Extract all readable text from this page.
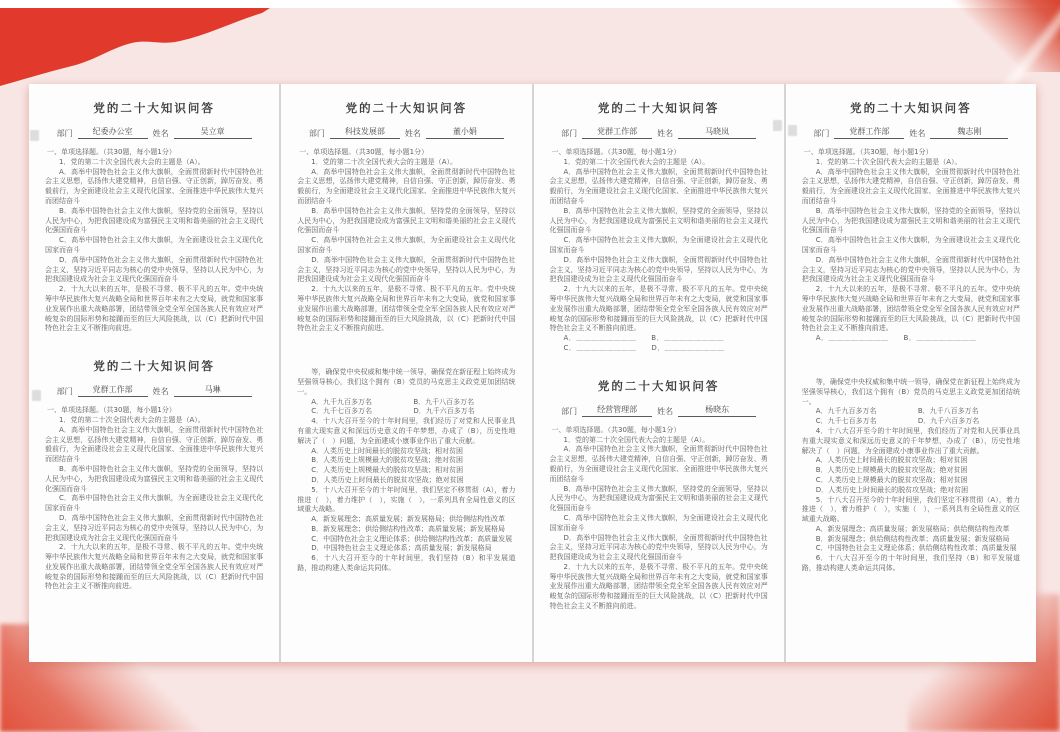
党的二十大知识问答
部门	纪委办公室	姓名	吴立章

一、单项选择题。（共30题，每小题1分）

1．党的第二十次全国代表大会的主题是（A）。

A．高举中国特色社会主义伟大旗帜，全面贯彻新时代中国特色社会主义思想，弘扬伟大建党精神，自信自强、守正创新，踔厉奋发、勇毅前行，为全面建设社会主义现代化国家、全面推进中华民族伟大复兴而团结奋斗

B．高举中国特色社会主义伟大旗帜，坚持党的全面领导，坚持以人民为中心，为把我国建设成为富强民主文明和谐美丽的社会主义现代化强国而奋斗

C．高举中国特色社会主义伟大旗帜，为全面建设社会主义现代化国家而奋斗

D．高举中国特色社会主义伟大旗帜，全面贯彻新时代中国特色社会主义，坚持习近平同志为核心的党中央领导，坚持以人民为中心，为把我国建设成为社会主义现代化强国而奋斗

2．十九大以来的五年，是极不寻常、极不平凡的五年。党中央统筹中华民族伟大复兴战略全局和世界百年未有之大变局，就党和国家事业发展作出重大战略部署，团结带领全党全军全国各族人民有效应对严峻复杂的国际形势和接踵而至的巨大风险挑战，以（C）把新时代中国特色社会主义不断推向前进。

党的二十大知识问答
部门	党群工作部	姓名	马琳

一、单项选择题。（共30题，每小题1分）

1．党的第二十次全国代表大会的主题是（A）。

A．高举中国特色社会主义伟大旗帜，全面贯彻新时代中国特色社会主义思想，弘扬伟大建党精神，自信自强、守正创新，踔厉奋发、勇毅前行，为全面建设社会主义现代化国家、全面推进中华民族伟大复兴而团结奋斗

B．高举中国特色社会主义伟大旗帜，坚持党的全面领导，坚持以人民为中心，为把我国建设成为富强民主文明和谐美丽的社会主义现代化强国而奋斗

C．高举中国特色社会主义伟大旗帜，为全面建设社会主义现代化国家而奋斗

D．高举中国特色社会主义伟大旗帜，全面贯彻新时代中国特色社会主义，坚持习近平同志为核心的党中央领导，坚持以人民为中心，为把我国建设成为社会主义现代化强国而奋斗

2．十九大以来的五年，是极不寻常、极不平凡的五年。党中央统筹中华民族伟大复兴战略全局和世界百年未有之大变局，就党和国家事业发展作出重大战略部署，团结带领全党全军全国各族人民有效应对严峻复杂的国际形势和接踵而至的巨大风险挑战，以（C）把新时代中国特色社会主义不断推向前进。

党的二十大知识问答
部门	科技发展部	姓名	董小娟

一、单项选择题。（共30题，每小题1分）

1．党的第二十次全国代表大会的主题是（A）。

A．高举中国特色社会主义伟大旗帜，全面贯彻新时代中国特色社会主义思想，弘扬伟大建党精神，自信自强、守正创新，踔厉奋发、勇毅前行，为全面建设社会主义现代化国家、全面推进中华民族伟大复兴而团结奋斗

B．高举中国特色社会主义伟大旗帜，坚持党的全面领导，坚持以人民为中心，为把我国建设成为富强民主文明和谐美丽的社会主义现代化强国而奋斗

C．高举中国特色社会主义伟大旗帜，为全面建设社会主义现代化国家而奋斗

D．高举中国特色社会主义伟大旗帜，全面贯彻新时代中国特色社会主义，坚持习近平同志为核心的党中央领导，坚持以人民为中心，为把我国建设成为社会主义现代化强国而奋斗

2．十九大以来的五年，是极不寻常、极不平凡的五年。党中央统筹中华民族伟大复兴战略全局和世界百年未有之大变局，就党和国家事业发展作出重大战略部署，团结带领全党全军全国各族人民有效应对严峻复杂的国际形势和接踵而至的巨大风险挑战，以（C）把新时代中国特色社会主义不断推向前进。

等，确保党中央权威和集中统一领导，确保党在新征程上始终成为坚强领导核心，我们这个拥有（B）党员的马克思主义政党更加团结统一。

A．九千九百多万名	B．九千八百多万名
C．九千七百多万名	D．九千六百多万名

4．十八大召开至今的十年时间里，我们经历了对党和人民事业具有重大现实意义和深远历史意义的千年梦想，办成了（B），历史性地解决了（　）问题，为全面建成小康事业作出了重大贡献。

A．人类历史上时间最长的脱贫攻坚战；相对贫困

B．人类历史上规模最大的脱贫攻坚战；绝对贫困

C．人类历史上规模最大的脱贫攻坚战；相对贫困

D．人类历史上时间最长的脱贫攻坚战；绝对贫困

5．十八大召开至今的十年时间里，我们坚定不移贯彻（A），着力推进（　），着力维护（　），实施（　），一系列具有全局性意义的区域重大战略。

A．新发展理念；高质量发展；新发展格局；供给侧结构性改革

B．新发展理念；供给侧结构性改革；高质量发展；新发展格局

C．中国特色社会主义理论体系；供给侧结构性改革；高质量发展

D．中国特色社会主义理论体系；高质量发展；新发展格局

6．十八大召开至今的十年时间里，我们坚持（B）和平发展道路，推动构建人类命运共同体。

党的二十大知识问答
部门	党群工作部	姓名	马晓岚

一、单项选择题。（共30题，每小题1分）

1．党的第二十次全国代表大会的主题是（A）。

A．高举中国特色社会主义伟大旗帜，全面贯彻新时代中国特色社会主义思想，弘扬伟大建党精神，自信自强、守正创新，踔厉奋发、勇毅前行，为全面建设社会主义现代化国家、全面推进中华民族伟大复兴而团结奋斗

B．高举中国特色社会主义伟大旗帜，坚持党的全面领导，坚持以人民为中心，为把我国建设成为富强民主文明和谐美丽的社会主义现代化强国而奋斗

C．高举中国特色社会主义伟大旗帜，为全面建设社会主义现代化国家而奋斗

D．高举中国特色社会主义伟大旗帜，全面贯彻新时代中国特色社会主义，坚持习近平同志为核心的党中央领导，坚持以人民为中心，为把我国建设成为社会主义现代化强国而奋斗

2．十九大以来的五年，是极不寻常、极不平凡的五年。党中央统筹中华民族伟大复兴战略全局和世界百年未有之大变局，就党和国家事业发展作出重大战略部署，团结带领全党全军全国各族人民有效应对严峻复杂的国际形势和接踵而至的巨大风险挑战，以（C）把新时代中国特色社会主义不断推向前进。

A．＿＿＿＿＿＿＿＿　　B．＿＿＿＿＿＿＿＿

C．＿＿＿＿＿＿＿＿　　D．＿＿＿＿＿＿＿＿

党的二十大知识问答
部门	经营管理部	姓名	杨晓东

一、单项选择题。（共30题，每小题1分）

1．党的第二十次全国代表大会的主题是（A）。

A．高举中国特色社会主义伟大旗帜，全面贯彻新时代中国特色社会主义思想，弘扬伟大建党精神，自信自强、守正创新，踔厉奋发、勇毅前行，为全面建设社会主义现代化国家、全面推进中华民族伟大复兴而团结奋斗

B．高举中国特色社会主义伟大旗帜，坚持党的全面领导，坚持以人民为中心，为把我国建设成为富强民主文明和谐美丽的社会主义现代化强国而奋斗

C．高举中国特色社会主义伟大旗帜，为全面建设社会主义现代化国家而奋斗

D．高举中国特色社会主义伟大旗帜，全面贯彻新时代中国特色社会主义，坚持习近平同志为核心的党中央领导，坚持以人民为中心，为把我国建设成为社会主义现代化强国而奋斗

2．十九大以来的五年，是极不寻常、极不平凡的五年。党中央统筹中华民族伟大复兴战略全局和世界百年未有之大变局，就党和国家事业发展作出重大战略部署，团结带领全党全军全国各族人民有效应对严峻复杂的国际形势和接踵而至的巨大风险挑战，以（C）把新时代中国特色社会主义不断推向前进。

党的二十大知识问答
部门	党群工作部	姓名	魏志刚

一、单项选择题。（共30题，每小题1分）

1．党的第二十次全国代表大会的主题是（A）。

A．高举中国特色社会主义伟大旗帜，全面贯彻新时代中国特色社会主义思想，弘扬伟大建党精神，自信自强、守正创新，踔厉奋发、勇毅前行，为全面建设社会主义现代化国家、全面推进中华民族伟大复兴而团结奋斗

B．高举中国特色社会主义伟大旗帜，坚持党的全面领导，坚持以人民为中心，为把我国建设成为富强民主文明和谐美丽的社会主义现代化强国而奋斗

C．高举中国特色社会主义伟大旗帜，为全面建设社会主义现代化国家而奋斗

D．高举中国特色社会主义伟大旗帜，全面贯彻新时代中国特色社会主义，坚持习近平同志为核心的党中央领导，坚持以人民为中心，为把我国建设成为社会主义现代化强国而奋斗

2．十九大以来的五年，是极不寻常、极不平凡的五年。党中央统筹中华民族伟大复兴战略全局和世界百年未有之大变局，就党和国家事业发展作出重大战略部署，团结带领全党全军全国各族人民有效应对严峻复杂的国际形势和接踵而至的巨大风险挑战，以（C）把新时代中国特色社会主义不断推向前进。

A．＿＿＿＿＿＿＿＿　　B．＿＿＿＿＿＿＿＿

等，确保党中央权威和集中统一领导，确保党在新征程上始终成为坚强领导核心，我们这个拥有（B）党员的马克思主义政党更加团结统一。

A．九千九百多万名	B．九千八百多万名
C．九千七百多万名	D．九千六百多万名

4．十八大召开至今的十年时间里，我们经历了对党和人民事业具有重大现实意义和深远历史意义的千年梦想，办成了（B），历史性地解决了（　）问题，为全面建成小康事业作出了重大贡献。

A．人类历史上时间最长的脱贫攻坚战；相对贫困

B．人类历史上规模最大的脱贫攻坚战；绝对贫困

C．人类历史上规模最大的脱贫攻坚战；相对贫困

D．人类历史上时间最长的脱贫攻坚战；绝对贫困

5．十八大召开至今的十年时间里，我们坚定不移贯彻（A），着力推进（　），着力维护（　），实施（　），一系列具有全局性意义的区域重大战略。

A．新发展理念；高质量发展；新发展格局；供给侧结构性改革

B．新发展理念；供给侧结构性改革；高质量发展；新发展格局

C．中国特色社会主义理论体系；供给侧结构性改革；高质量发展

6．十八大召开至今的十年时间里，我们坚持（B）和平发展道路，推动构建人类命运共同体。
